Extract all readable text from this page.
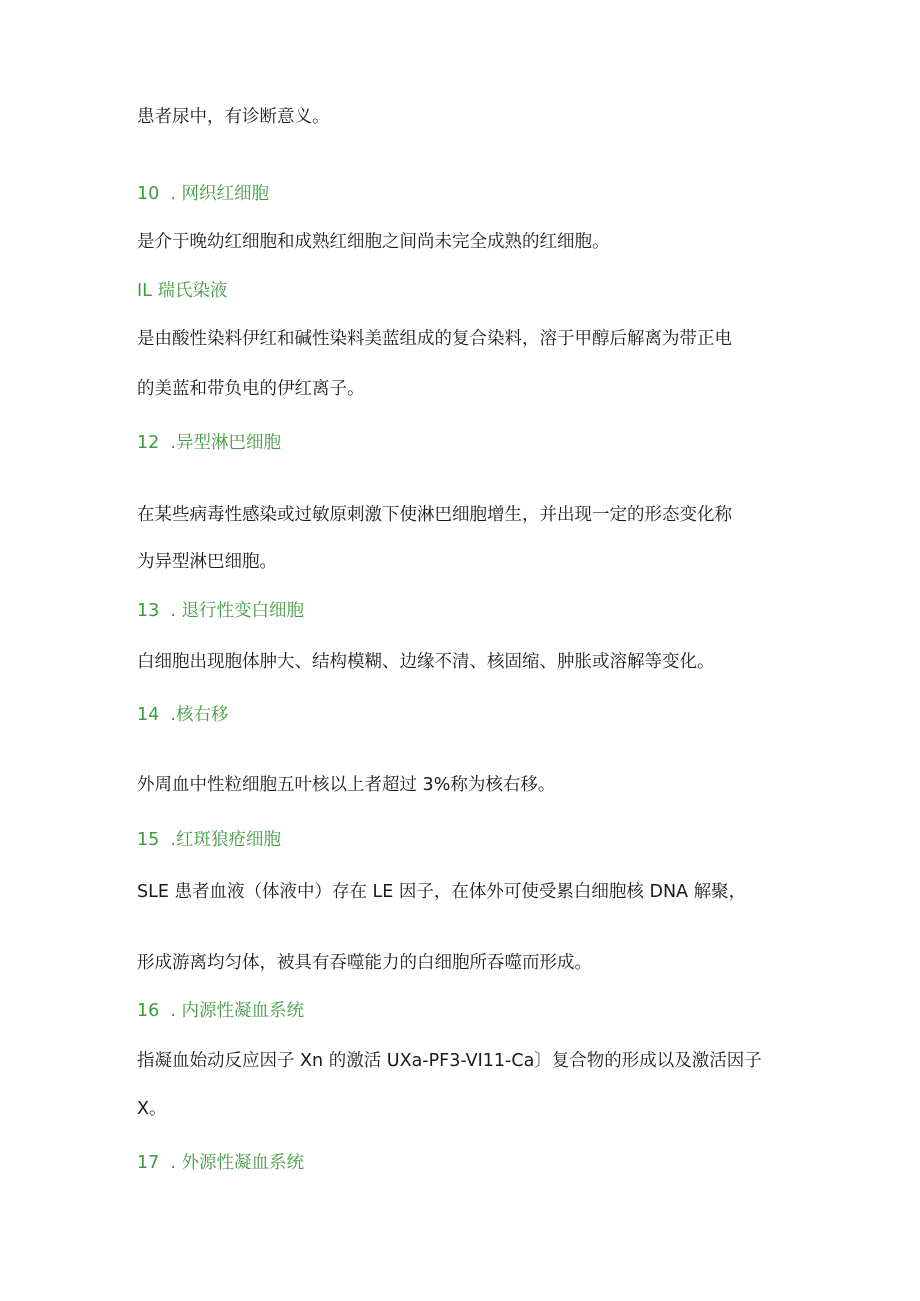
患者尿中，有诊断意义。
10  . 网织红细胞
是介于晚幼红细胞和成熟红细胞之间尚未完全成熟的红细胞。
IL 瑞氏染液
是由酸性染料伊红和碱性染料美蓝组成的复合染料，溶于甲醇后解离为带正电
的美蓝和带负电的伊红离子。
12  .异型淋巴细胞
在某些病毒性感染或过敏原刺激下使淋巴细胞增生，并出现一定的形态变化称
为异型淋巴细胞。
13  . 退行性变白细胞
白细胞出现胞体肿大、结构模糊、边缘不清、核固缩、肿胀或溶解等变化。
14  .核右移
外周血中性粒细胞五叶核以上者超过 3%称为核右移。
15  .红斑狼疮细胞
SLE 患者血液（体液中）存在 LE 因子，在体外可使受累白细胞核 DNA 解聚，
形成游离均匀体，被具有吞噬能力的白细胞所吞噬而形成。
16  . 内源性凝血系统
指凝血始动反应因子 Xn 的激活 UXa-PF3-VI11-Ca〕复合物的形成以及激活因子
X。
17  . 外源性凝血系统
